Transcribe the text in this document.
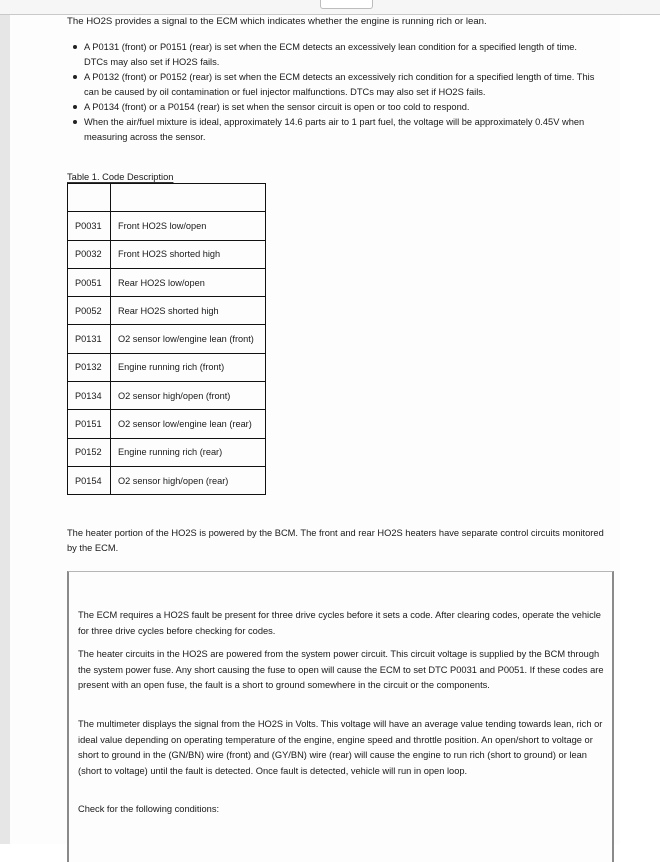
The HO2S provides a signal to the ECM which indicates whether the engine is running rich or lean.
A P0131 (front) or P0151 (rear) is set when the ECM detects an excessively lean condition for a specified length of time. DTCs may also set if HO2S fails.
A P0132 (front) or P0152 (rear) is set when the ECM detects an excessively rich condition for a specified length of time. This can be caused by oil contamination or fuel injector malfunctions. DTCs may also set if HO2S fails.
A P0134 (front) or a P0154 (rear) is set when the sensor circuit is open or too cold to respond.
When the air/fuel mixture is ideal, approximately 14.6 parts air to 1 part fuel, the voltage will be approximately 0.45V when measuring across the sensor.
Table 1. Code Description

P0031	Front HO2S low/open
P0032	Front HO2S shorted high
P0051	Rear HO2S low/open
P0052	Rear HO2S shorted high
P0131	O2 sensor low/engine lean (front)
P0132	Engine running rich (front)
P0134	O2 sensor high/open (front)
P0151	O2 sensor low/engine lean (rear)
P0152	Engine running rich (rear)
P0154	O2 sensor high/open (rear)
The heater portion of the HO2S is powered by the BCM. The front and rear HO2S heaters have separate control circuits monitored by the ECM.

The ECM requires a HO2S fault be present for three drive cycles before it sets a code. After clearing codes, operate the vehicle for three drive cycles before checking for codes.

The heater circuits in the HO2S are powered from the system power circuit. This circuit voltage is supplied by the BCM through the system power fuse. Any short causing the fuse to open will cause the ECM to set DTC P0031 and P0051. If these codes are present with an open fuse, the fault is a short to ground somewhere in the circuit or the components.

The multimeter displays the signal from the HO2S in Volts. This voltage will have an average value tending towards lean, rich or ideal value depending on operating temperature of the engine, engine speed and throttle position. An open/short to voltage or short to ground in the (GN/BN) wire (front) and (GY/BN) wire (rear) will cause the engine to run rich (short to ground) or lean (short to voltage) until the fault is detected. Once fault is detected, vehicle will run in open loop.

Check for the following conditions:
